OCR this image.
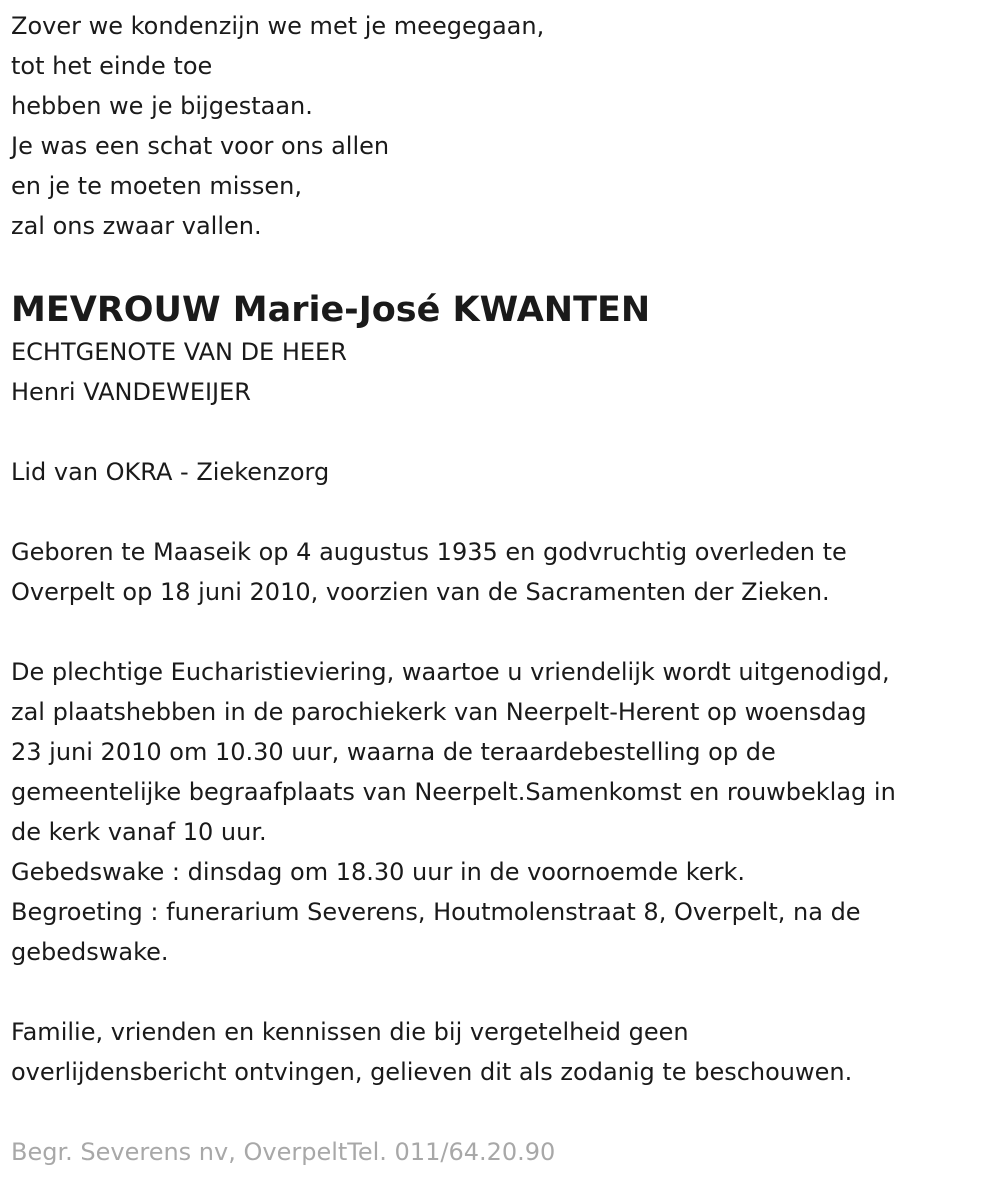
Zover we kondenzijn we met je meegegaan,
tot het einde toe
hebben we je bijgestaan.
Je was een schat voor ons allen
en je te moeten missen,
zal ons zwaar vallen.
MEVROUW Marie-José KWANTEN
ECHTGENOTE VAN DE HEER
Henri VANDEWEIJER
Lid van OKRA - Ziekenzorg
Geboren te Maaseik op 4 augustus 1935 en godvruchtig overleden te
Overpelt op 18 juni 2010, voorzien van de Sacramenten der Zieken.
De plechtige Eucharistieviering, waartoe u vriendelijk wordt uitgenodigd,
zal plaatshebben in de parochiekerk van Neerpelt-Herent op woensdag
23 juni 2010 om 10.30 uur, waarna de teraardebestelling op de
gemeentelijke begraafplaats van Neerpelt.Samenkomst en rouwbeklag in
de kerk vanaf 10 uur.
Gebedswake : dinsdag om 18.30 uur in de voornoemde kerk.
Begroeting : funerarium Severens, Houtmolenstraat 8, Overpelt, na de
gebedswake.
Familie, vrienden en kennissen die bij vergetelheid geen
overlijdensbericht ontvingen, gelieven dit als zodanig te beschouwen.
Begr. Severens nv, OverpeltTel. 011/64.20.90
